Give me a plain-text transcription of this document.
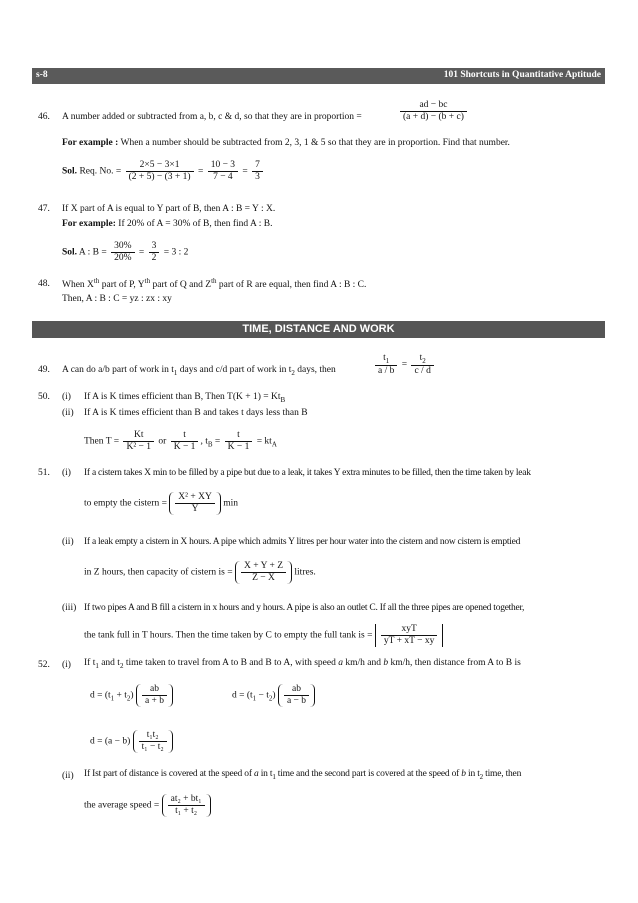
s-8	101 Shortcuts in Quantitative Aptitude
46. A number added or subtracted from a, b, c & d, so that they are in proportion =	$\frac{ad - bc}{(a + d) - (b + c)}$
For example : When a number should be subtracted from 2, 3, 1 & 5 so that they are in proportion. Find that number.
Sol. Req. No. = $\frac{2\times 5 - 3\times 1}{(2 + 5) - (3 + 1)} = \frac{10 - 3}{7 - 4} = \frac{7}{3}$
47. If X part of A is equal to Y part of B, then A : B = Y : X.
For example: If 20% of A = 30% of B, then find A : B.
Sol. A : $B = \frac{30\%}{20\%} = \frac{3}{2} = 3$ : 2
48. When Xth part of P, $Y^{th}$ part of Q and $Z^{th}$ part of R are equal, then find A : B : C.
Then, A : B : C = yz : zx : xy
TIME, DISTANCE AND WORK
49. A can do a/b part of work in $t_1$ days and c/d part of work in $t_2$ days, then	$\frac{t_1}{a / b} = \frac{t_2}{c / d}$
50. (i) If A is K times efficient than B, Then $T(K + 1) = Kt_B$
(ii) If A is K times efficient than B and takes t days less than B
Then $T = \frac{Kt}{\text{K² − 1}}$ or $\frac{t}{K - 1}$ , $t_B = \frac{t}{K - 1} = kt_A$
51. (i) If a cistern takes X min to be filled by a pipe but due to a leak, it takes Y extra minutes to be filled, then the time taken by leak
to empty the cistern = $\frac{\text{X² + XY}}{Y}$ min
(ii) If a leak empty a cistern in X hours. A pipe which admits Y litres per hour water into the cistern and now cistern is emptied
in Z hours, then capacity of cistern is = $\frac{X + Y + Z}{Z - X}$ litres.
(iii) If two pipes A and B fill a cistern in x hours and y hours. A pipe is also an outlet C. If all the three pipes are opened together,
the tank full in T hours. Then the time taken by C to empty the full tank is = $\frac{\text{xyT}}{yT + xT - xy}$
52. (i) If $t_1$ and $t_2$ time taken to travel from A to B and B to A, with speed a km/h and b km/h, then distance from A to B is
$d = (t_1 + t_2) \frac{ab}{a + b}$	$d = (t_1 - t_2) \frac{ab}{a - b}$
$d = (a - b) \frac{\text{t₁t₂}}{\text{t₁ − t₂}}$
(ii) If Ist part of distance is covered at the speed of a in $t_1$ time and the second part is covered at the speed of b in $t_2$ time, then
the average speed = $\frac{\text{at₂ + bt₁}}{\text{t₁ + t₂}}$
